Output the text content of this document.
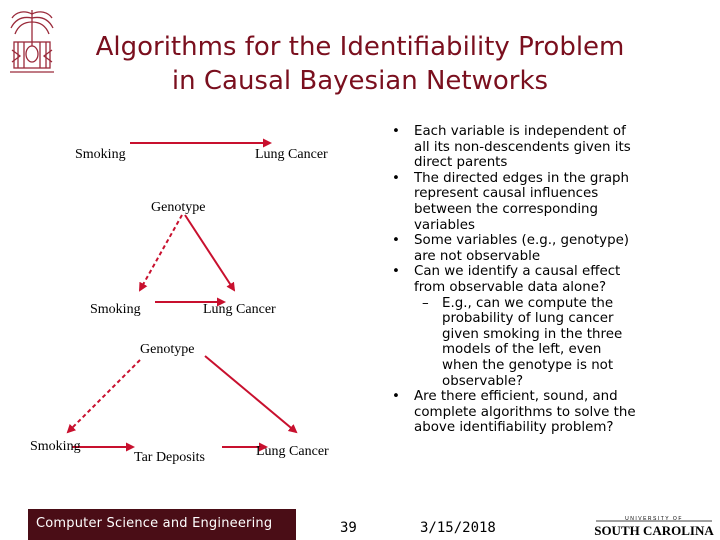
Algorithms for the Identifiability Problem
in Causal Bayesian Networks
Smoking	Lung Cancer
Genotype
Smoking	Lung Cancer
Genotype
Smoking
Tar Deposits	Lung Cancer
• Each variable is independent of
all its non-descendents given its
direct parents
• The directed edges in the graph
represent causal influences
between the corresponding
variables
• Some variables (e.g., genotype)
are not observable
• Can we identify a causal effect
from observable data alone?
– E.g., can we compute the
probability of lung cancer
given smoking in the three
models of the left, even
when the genotype is not
observable?
• Are there efficient, sound, and
complete algorithms to solve the
above identifiability problem?
Computer Science and Engineering	39	3/15/2018
UNIVERSITY OF
SOUTH CAROLINA
